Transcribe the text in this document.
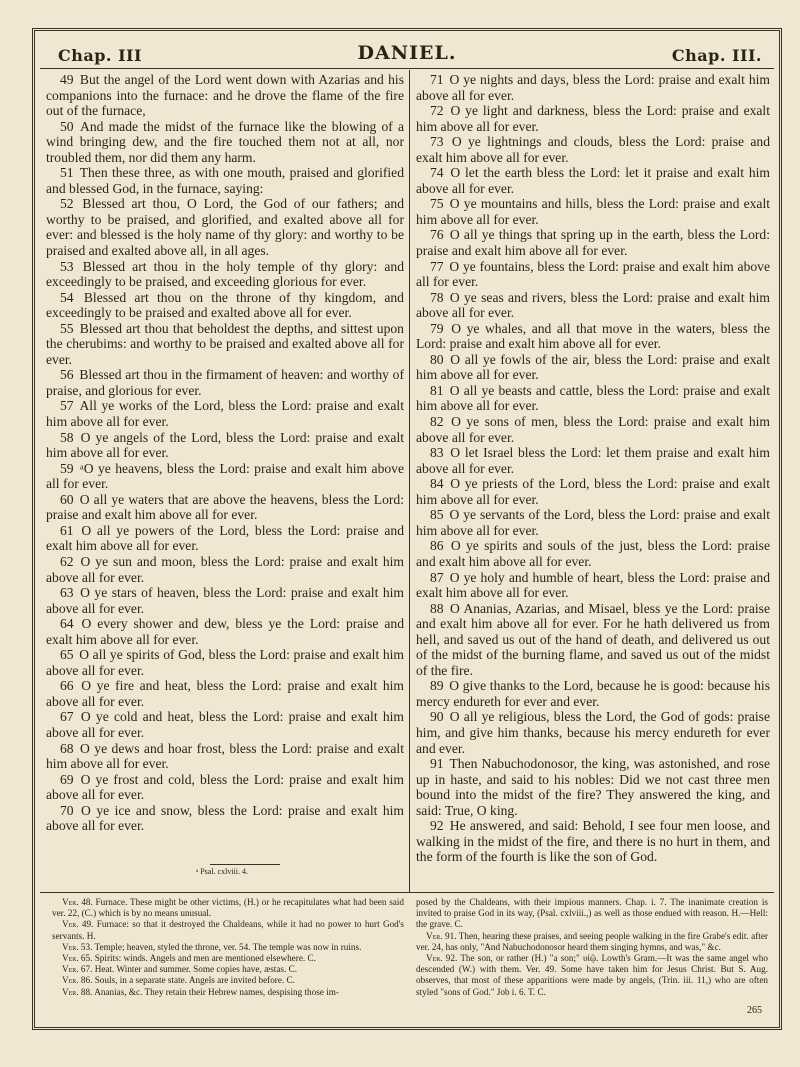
Chap. III	DANIEL.	Chap. III.

49 But the angel of the Lord went down with Azarias and his companions into the furnace: and he drove the flame of the fire out of the furnace,

50 And made the midst of the furnace like the blowing of a wind bringing dew, and the fire touched them not at all, nor troubled them, nor did them any harm.

51 Then these three, as with one mouth, praised and glorified and blessed God, in the furnace, saying:

52 Blessed art thou, O Lord, the God of our fathers; and worthy to be praised, and glorified, and exalted above all for ever: and blessed is the holy name of thy glory: and worthy to be praised and exalted above all, in all ages.

53 Blessed art thou in the holy temple of thy glory: and exceedingly to be praised, and exceeding glorious for ever.

54 Blessed art thou on the throne of thy kingdom, and exceedingly to be praised and exalted above all for ever.

55 Blessed art thou that beholdest the depths, and sittest upon the cherubims: and worthy to be praised and exalted above all for ever.

56 Blessed art thou in the firmament of heaven: and worthy of praise, and glorious for ever.

57 All ye works of the Lord, bless the Lord: praise and exalt him above all for ever.

58 O ye angels of the Lord, bless the Lord: praise and exalt him above all for ever.

59 ᵃO ye heavens, bless the Lord: praise and exalt him above all for ever.

60 O all ye waters that are above the heavens, bless the Lord: praise and exalt him above all for ever.

61 O all ye powers of the Lord, bless the Lord: praise and exalt him above all for ever.

62 O ye sun and moon, bless the Lord: praise and exalt him above all for ever.

63 O ye stars of heaven, bless the Lord: praise and exalt him above all for ever.

64 O every shower and dew, bless ye the Lord: praise and exalt him above all for ever.

65 O all ye spirits of God, bless the Lord: praise and exalt him above all for ever.

66 O ye fire and heat, bless the Lord: praise and exalt him above all for ever.

67 O ye cold and heat, bless the Lord: praise and exalt him above all for ever.

68 O ye dews and hoar frost, bless the Lord: praise and exalt him above all for ever.

69 O ye frost and cold, bless the Lord: praise and exalt him above all for ever.

70 O ye ice and snow, bless the Lord: praise and exalt him above all for ever.

ᵃ Psal. cxlviii. 4.

71 O ye nights and days, bless the Lord: praise and exalt him above all for ever.

72 O ye light and darkness, bless the Lord: praise and exalt him above all for ever.

73 O ye lightnings and clouds, bless the Lord: praise and exalt him above all for ever.

74 O let the earth bless the Lord: let it praise and exalt him above all for ever.

75 O ye mountains and hills, bless the Lord: praise and exalt him above all for ever.

76 O all ye things that spring up in the earth, bless the Lord: praise and exalt him above all for ever.

77 O ye fountains, bless the Lord: praise and exalt him above all for ever.

78 O ye seas and rivers, bless the Lord: praise and exalt him above all for ever.

79 O ye whales, and all that move in the waters, bless the Lord: praise and exalt him above all for ever.

80 O all ye fowls of the air, bless the Lord: praise and exalt him above all for ever.

81 O all ye beasts and cattle, bless the Lord: praise and exalt him above all for ever.

82 O ye sons of men, bless the Lord: praise and exalt him above all for ever.

83 O let Israel bless the Lord: let them praise and exalt him above all for ever.

84 O ye priests of the Lord, bless the Lord: praise and exalt him above all for ever.

85 O ye servants of the Lord, bless the Lord: praise and exalt him above all for ever.

86 O ye spirits and souls of the just, bless the Lord: praise and exalt him above all for ever.

87 O ye holy and humble of heart, bless the Lord: praise and exalt him above all for ever.

88 O Ananias, Azarias, and Misael, bless ye the Lord: praise and exalt him above all for ever. For he hath delivered us from hell, and saved us out of the hand of death, and delivered us out of the midst of the burning flame, and saved us out of the midst of the fire.

89 O give thanks to the Lord, because he is good: because his mercy endureth for ever and ever.

90 O all ye religious, bless the Lord, the God of gods: praise him, and give him thanks, because his mercy endureth for ever and ever.

91 Then Nabuchodonosor, the king, was astonished, and rose up in haste, and said to his nobles: Did we not cast three men bound into the midst of the fire? They answered the king, and said: True, O king.

92 He answered, and said: Behold, I see four men loose, and walking in the midst of the fire, and there is no hurt in them, and the form of the fourth is like the son of God.

Ver. 48. Furnace. These might be other victims, (H.) or he recapitulates what had been said ver. 22, (C.) which is by no means unusual.

Ver. 49. Furnace: so that it destroyed the Chaldeans, while it had no power to hurt God's servants. H.

Ver. 53. Temple; heaven, styled the throne, ver. 54. The temple was now in ruins.

Ver. 65. Spirits: winds. Angels and men are mentioned elsewhere. C.

Ver. 67. Heat. Winter and summer. Some copies have, æstas. C.

Ver. 86. Souls, in a separate state. Angels are invited before. C.

Ver. 88. Ananias, &c. They retain their Hebrew names, despising those im-

posed by the Chaldeans, with their impious manners. Chap. i. 7. The inanimate creation is invited to praise God in its way, (Psal. cxlviii.,) as well as those endued with reason. H.—Hell: the grave. C.

Ver. 91. Then, hearing these praises, and seeing people walking in the fire Grabe's edit. after ver. 24, has only, "And Nabuchodonosor heard them singing hymns, and was," &c.

Ver. 92. The son, or rather (H.) "a son;" υἱῷ. Lowth's Gram.—It was the same angel who descended (W.) with them. Ver. 49. Some have taken him for Jesus Christ. But S. Aug. observes, that most of these apparitions were made by angels, (Trin. iii. 11,) who are often styled "sons of God." Job i. 6. T. C.

265
